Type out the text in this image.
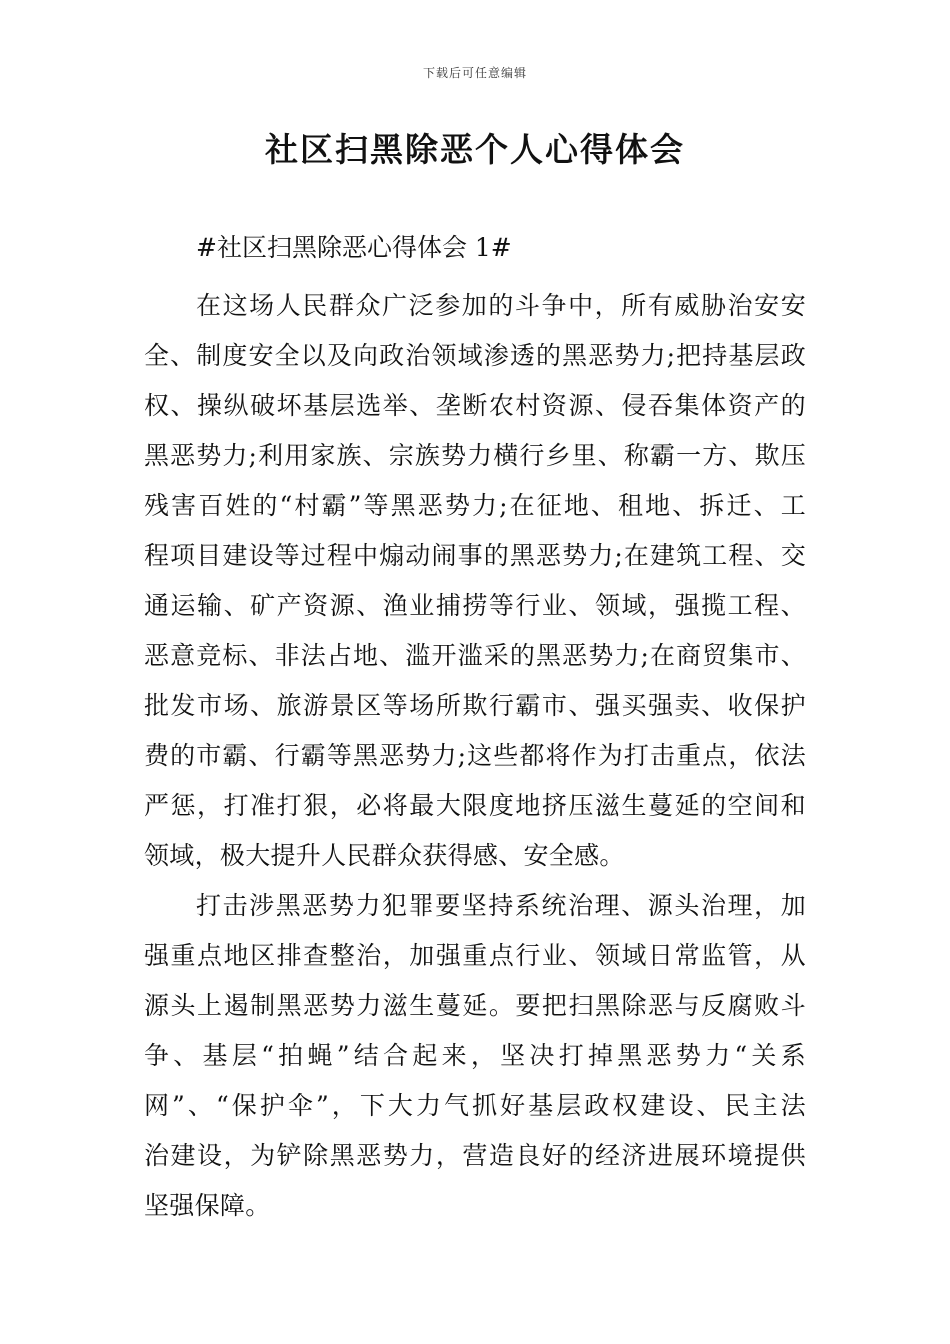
下载后可任意编辑
社区扫黑除恶个人心得体会

#社区扫黑除恶心得体会 1#

在这场人民群众广泛参加的斗争中，所有威胁治安安
全、制度安全以及向政治领域渗透的黑恶势力;把持基层政
权、操纵破坏基层选举、垄断农村资源、侵吞集体资产的
黑恶势力;利用家族、宗族势力横行乡里、称霸一方、欺压
残害百姓的“村霸”等黑恶势力;在征地、租地、拆迁、工
程项目建设等过程中煽动闹事的黑恶势力;在建筑工程、交
通运输、矿产资源、渔业捕捞等行业、领域，强揽工程、
恶意竞标、非法占地、滥开滥采的黑恶势力;在商贸集市、
批发市场、旅游景区等场所欺行霸市、强买强卖、收保护
费的市霸、行霸等黑恶势力;这些都将作为打击重点，依法
严惩，打准打狠，必将最大限度地挤压滋生蔓延的空间和
领域，极大提升人民群众获得感、安全感。
打击涉黑恶势力犯罪要坚持系统治理、源头治理，加
强重点地区排查整治，加强重点行业、领域日常监管，从
源头上遏制黑恶势力滋生蔓延。要把扫黑除恶与反腐败斗
争、基层“拍蝇”结合起来，坚决打掉黑恶势力“关系
网”、“保护伞”，下大力气抓好基层政权建设、民主法
治建设，为铲除黑恶势力，营造良好的经济进展环境提供
坚强保障。
